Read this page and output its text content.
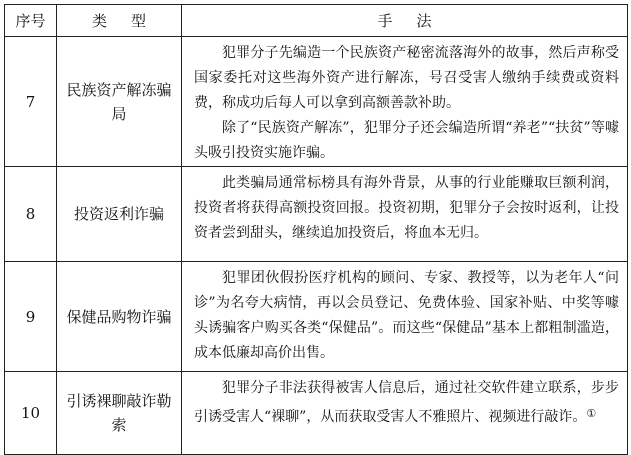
序号	类型	手法
7	民族资产解冻骗局	犯罪分子先编造一个民族资产秘密流落海外的故事，然后声称受国家委托对这些海外资产进行解冻，号召受害人缴纳手续费或资料费，称成功后每人可以拿到高额善款补助。

除了“民族资产解冻”，犯罪分子还会编造所谓“养老”“扶贫”等噱头吸引投资实施诈骗。

8	投资返利诈骗	此类骗局通常标榜具有海外背景，从事的行业能赚取巨额利润，投资者将获得高额投资回报。投资初期，犯罪分子会按时返利，让投资者尝到甜头，继续追加投资后，将血本无归。

9	保健品购物诈骗	犯罪团伙假扮医疗机构的顾问、专家、教授等，以为老年人“问诊”为名夸大病情，再以会员登记、免费体验、国家补贴、中奖等噱头诱骗客户购买各类“保健品”。而这些“保健品”基本上都粗制滥造，成本低廉却高价出售。

10	引诱裸聊敲诈勒索	犯罪分子非法获得被害人信息后，通过社交软件建立联系，步步引诱受害人“裸聊”，从而获取受害人不雅照片、视频进行敲诈。①
